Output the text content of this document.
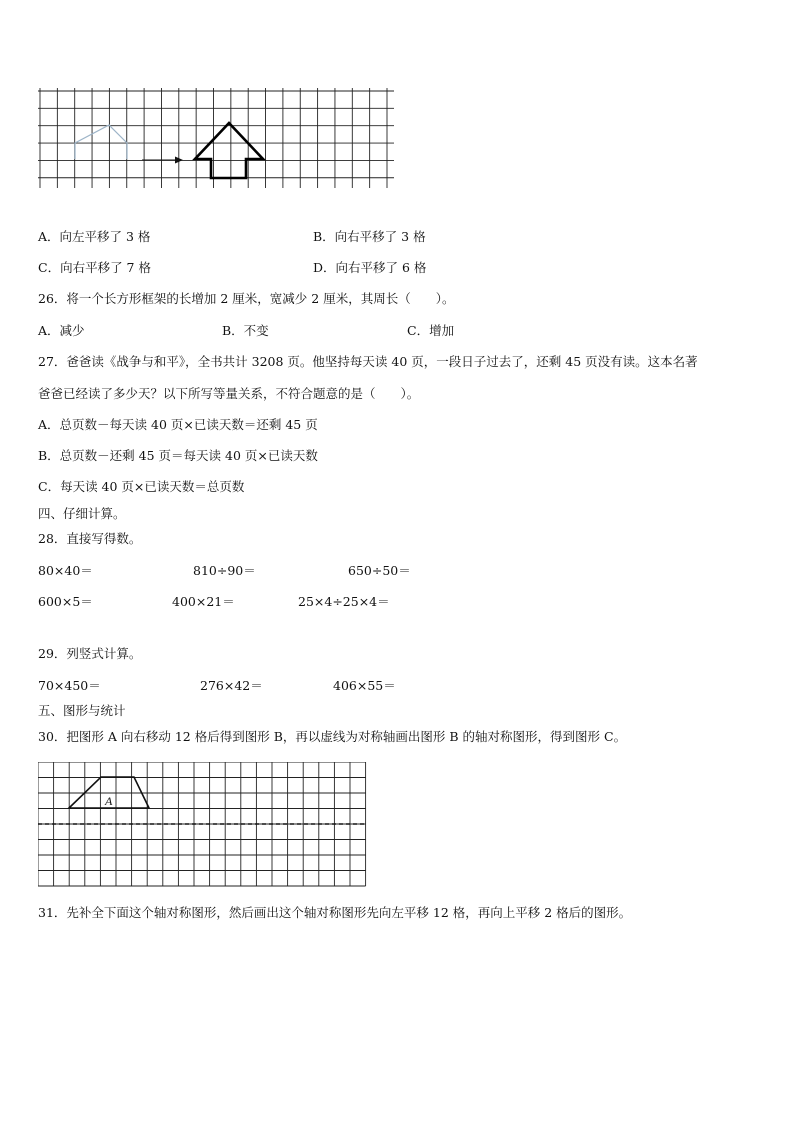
A．向左平移了 3 格	B．向右平移了 3 格
C．向右平移了 7 格	D．向右平移了 6 格
26．将一个长方形框架的长增加 2 厘米，宽减少 2 厘米，其周长（　　）。
A．减少	B．不变	C．增加
27．爸爸读《战争与和平》，全书共计 3208 页。他坚持每天读 40 页，一段日子过去了，还剩 45 页没有读。这本名著
爸爸已经读了多少天？以下所写等量关系，不符合题意的是（　　）。
A．总页数－每天读 40 页×已读天数＝还剩 45 页
B．总页数－还剩 45 页＝每天读 40 页×已读天数
C．每天读 40 页×已读天数＝总页数
四、仔细计算。
28．直接写得数。
80×40＝	810÷90＝	650÷50＝
600×5＝	400×21＝	25×4÷25×4＝
29．列竖式计算。
70×450＝	276×42＝	406×55＝
五、图形与统计
30．把图形 A 向右移动 12 格后得到图形 B，再以虚线为对称轴画出图形 B 的轴对称图形，得到图形 C。
A
31．先补全下面这个轴对称图形，然后画出这个轴对称图形先向左平移 12 格，再向上平移 2 格后的图形。
